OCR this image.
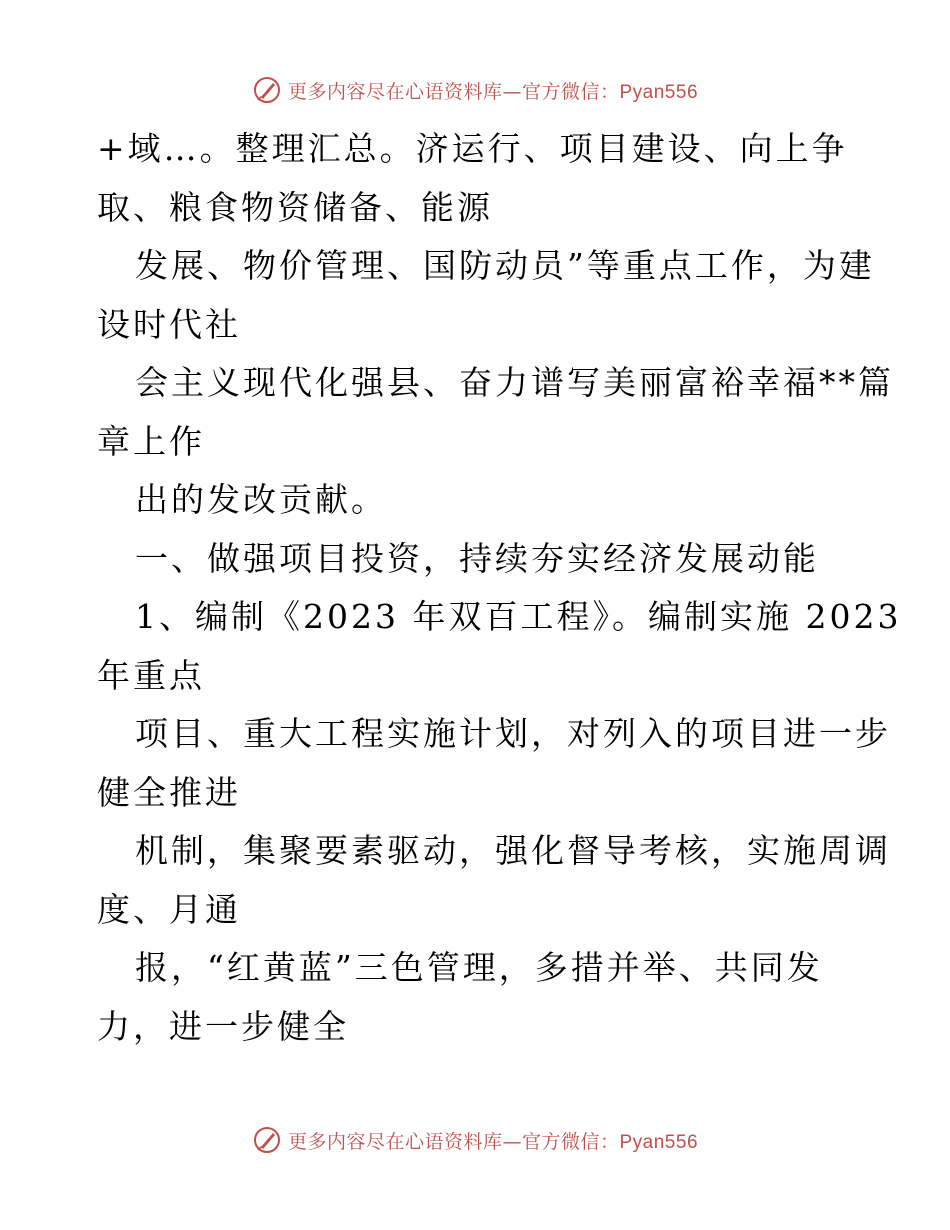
更多内容尽在心语资料库—官方微信：Pyan556
+域…。整理汇总。济运行、项目建设、向上争
取、粮食物资储备、能源
发展、物价管理、国防动员”等重点工作，为建
设时代社
会主义现代化强县、奋力谱写美丽富裕幸福**篇
章上作
出的发改贡献。
一、做强项目投资，持续夯实经济发展动能
1、编制《2023 年双百工程》。编制实施 2023
年重点
项目、重大工程实施计划，对列入的项目进一步
健全推进
机制，集聚要素驱动，强化督导考核，实施周调
度、月通
报，“红黄蓝”三色管理，多措并举、共同发
力，进一步健全
更多内容尽在心语资料库—官方微信：Pyan556
